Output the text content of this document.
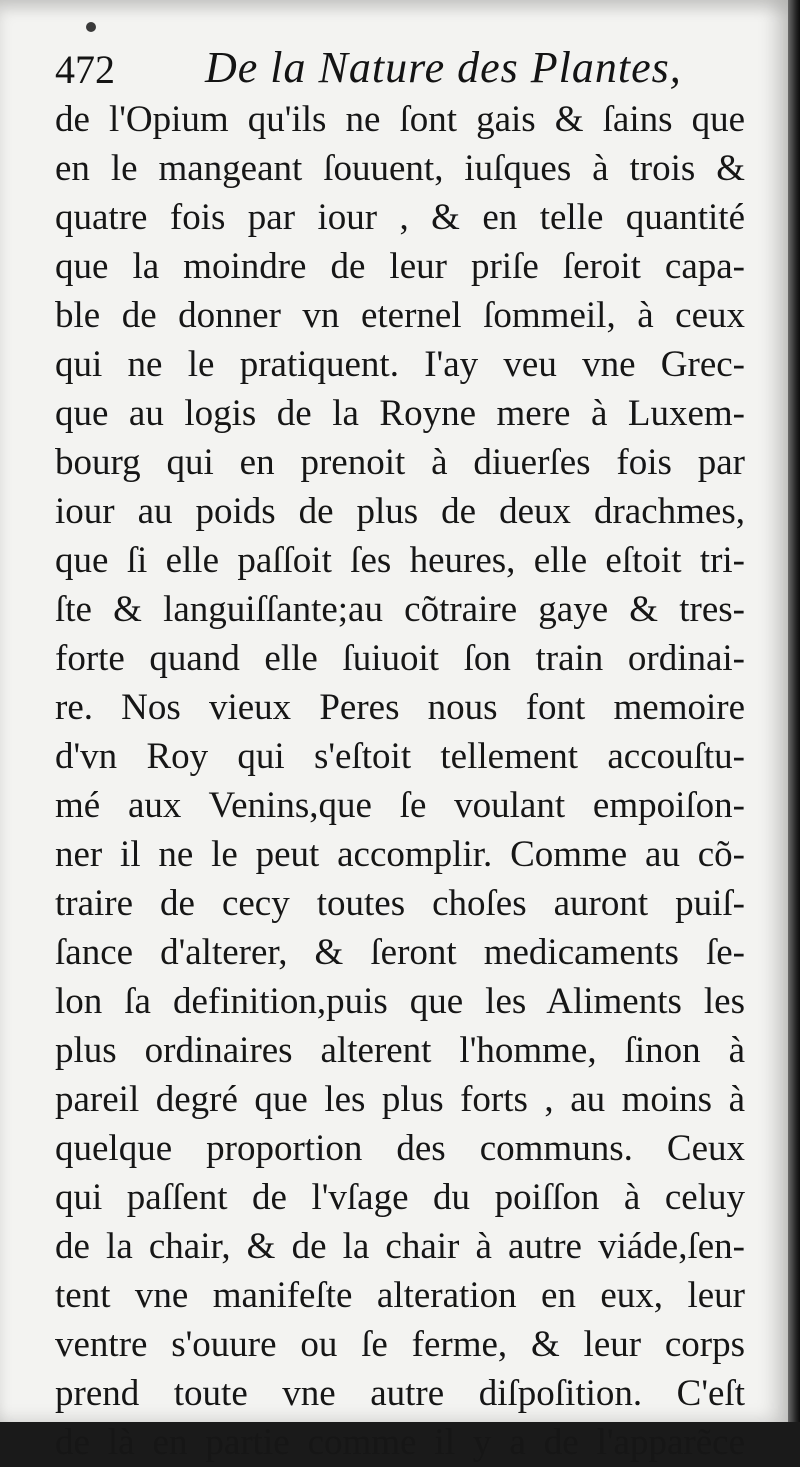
472 De la Nature des Plantes,
de l'Opium qu'ils ne ſont gais & ſains que
en le mangeant ſouuent, iuſques à trois &
quatre fois par iour , & en telle quantité
que la moindre de leur priſe ſeroit capa-
ble de donner vn eternel ſommeil, à ceux
qui ne le pratiquent. I'ay veu vne Grec-
que au logis de la Royne mere à Luxem-
bourg qui en prenoit à diuerſes fois par
iour au poids de plus de deux drachmes,
que ſi elle paſſoit ſes heures, elle eſtoit tri-
ſte & languiſſante;au cõtraire gaye & tres-
forte quand elle ſuiuoit ſon train ordinai-
re. Nos vieux Peres nous font memoire
d'vn Roy qui s'eſtoit tellement accouſtu-
mé aux Venins,que ſe voulant empoiſon-
ner il ne le peut accomplir. Comme au cõ-
traire de cecy toutes choſes auront puiſ-
ſance d'alterer, & ſeront medicaments ſe-
lon ſa definition,puis que les Aliments les
plus ordinaires alterent l'homme, ſinon à
pareil degré que les plus forts , au moins à
quelque proportion des communs. Ceux
qui paſſent de l'vſage du poiſſon à celuy
de la chair, & de la chair à autre viáde,ſen-
tent vne manifeſte alteration en eux, leur
ventre s'ouure ou ſe ferme, & leur corps
prend toute vne autre diſpoſition. C'eſt
de là en partie comme il y a de l'apparẽce
